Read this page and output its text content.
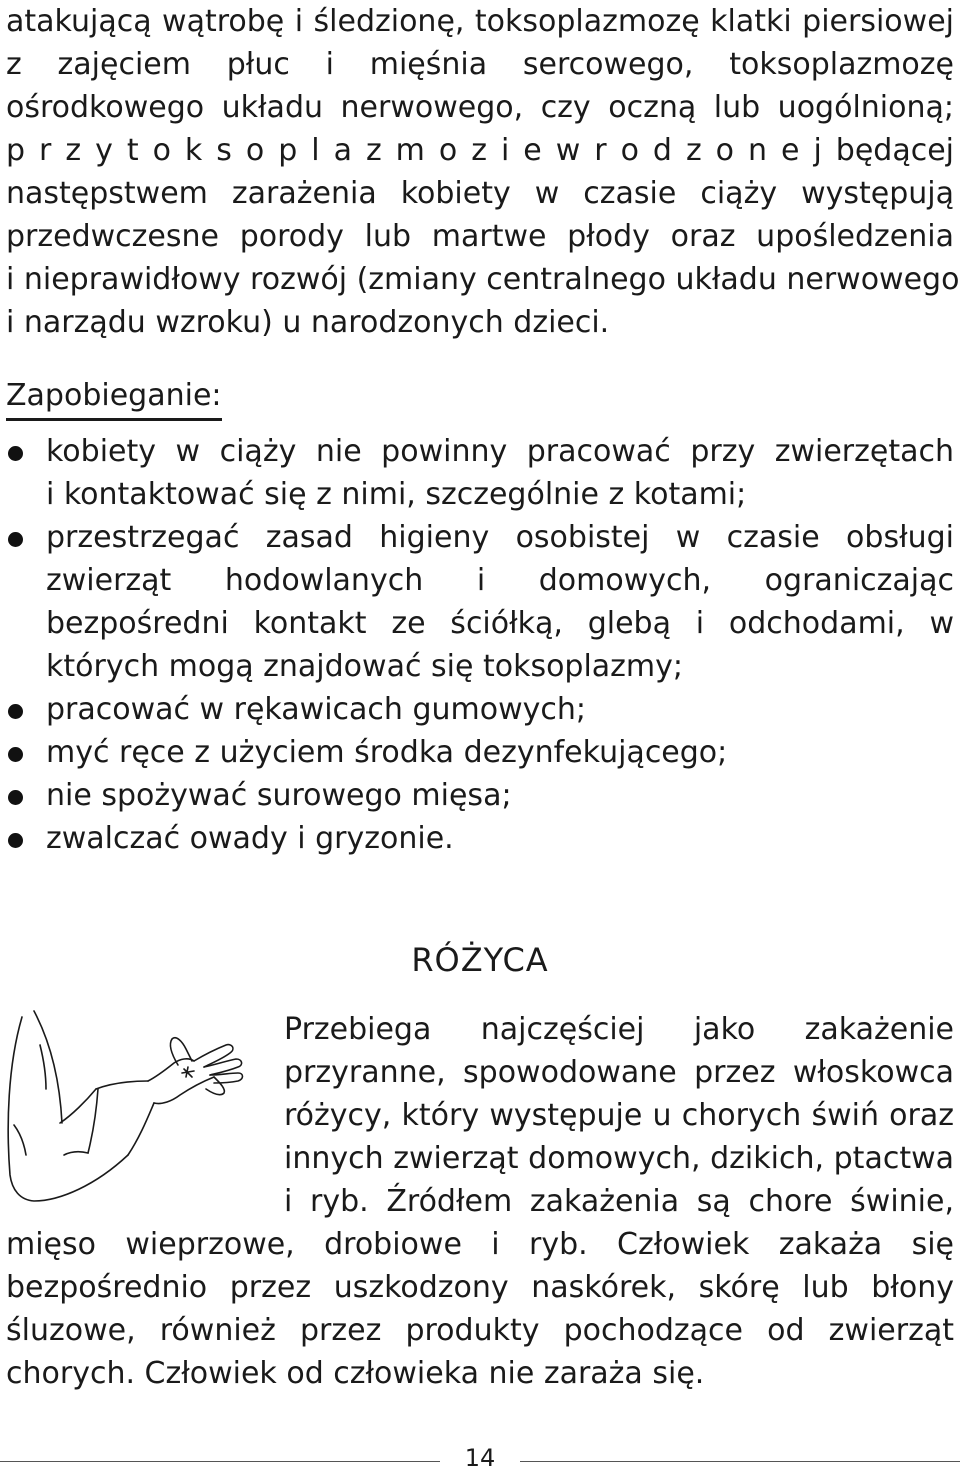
atakującą wątrobę i śledzionę, toksoplazmozę klatki piersiowej
z zajęciem płuc i mięśnia sercowego, toksoplazmozę
ośrodkowego układu nerwowego, czy oczną lub uogólnioną;
p r z y t o k s o p l a z m o z i e w r o d z o n e j będącej
następstwem zarażenia kobiety w czasie ciąży występują
przedwczesne porody lub martwe płody oraz upośledzenia
i nieprawidłowy rozwój (zmiany centralnego układu nerwowego
i narządu wzroku) u narodzonych dzieci.
Zapobieganie:
kobiety w ciąży nie powinny pracować przy zwierzętach
i kontaktować się z nimi, szczególnie z kotami;
przestrzegać zasad higieny osobistej w czasie obsługi
zwierząt hodowlanych i domowych, ograniczając
bezpośredni kontakt ze ściółką, glebą i odchodami, w
których mogą znajdować się toksoplazmy;
pracować w rękawicach gumowych;
myć ręce z użyciem środka dezynfekującego;
nie spożywać surowego mięsa;
zwalczać owady i gryzonie.
RÓŻYCA
Przebiega najczęściej jako zakażenie
przyranne, spowodowane przez włoskowca
różycy, który występuje u chorych świń oraz
innych zwierząt domowych, dzikich, ptactwa
i ryb. Źródłem zakażenia są chore świnie,
mięso wieprzowe, drobiowe i ryb. Człowiek zakaża się
bezpośrednio przez uszkodzony naskórek, skórę lub błony
śluzowe, również przez produkty pochodzące od zwierząt
chorych. Człowiek od człowieka nie zaraża się.
14
